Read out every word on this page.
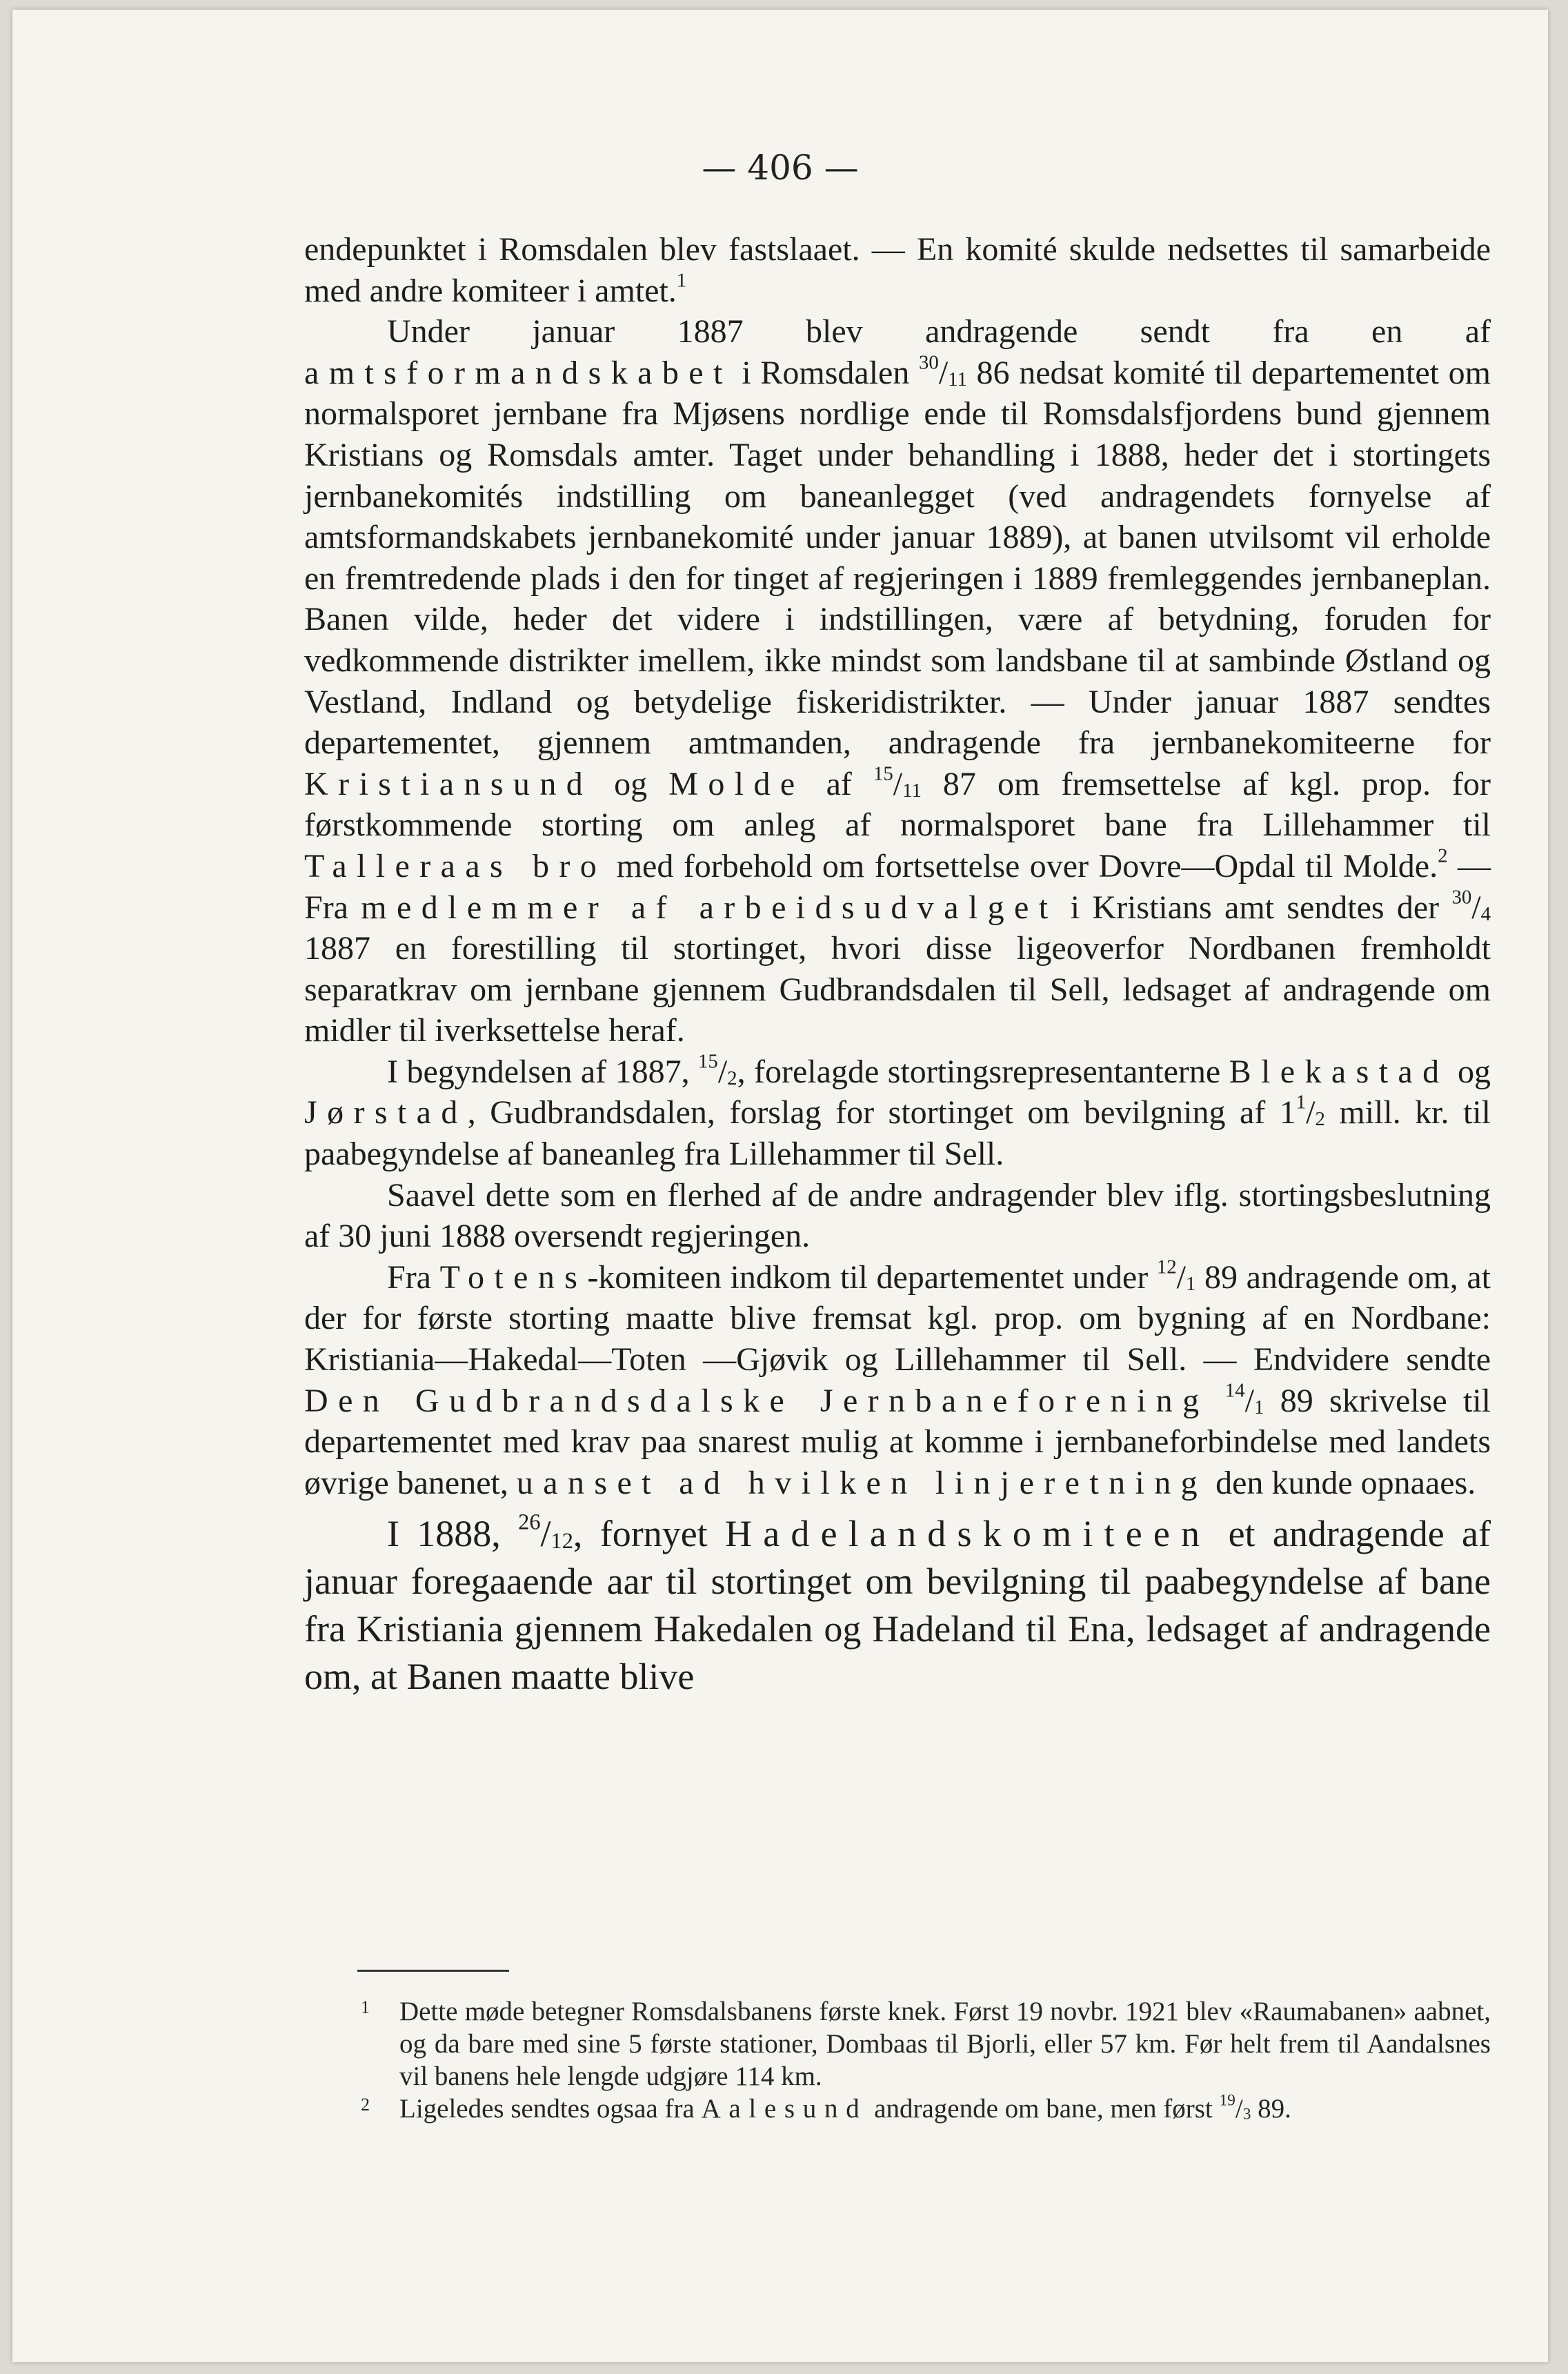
— 406 —

endepunktet i Romsdalen blev fastslaaet. — En komité skulde nedsettes til samarbeide med andre komiteer i amtet.$^1$

Under januar 1887 blev andragende sendt fra en af amtsformandskabet i Romsdalen $^{30}/_{11}$ 86 nedsat komité til departementet om normalsporet jernbane fra Mjøsens nordlige ende til Romsdalsfjordens bund gjennem Kristians og Romsdals amter. Taget under behandling i 1888, heder det i stortingets jernbanekomités indstilling om baneanlegget (ved andragendets fornyelse af amtsformandskabets jernbanekomité under januar 1889), at banen utvilsomt vil erholde en fremtredende plads i den for tinget af regjeringen i 1889 fremleggendes jernbaneplan. Banen vilde, heder det videre i indstillingen, være af betydning, foruden for vedkommende distrikter imellem, ikke mindst som landsbane til at sambinde Østland og Vestland, Indland og betydelige fiskeridistrikter. — Under januar 1887 sendtes departementet, gjennem amtmanden, andragende fra jernbanekomiteerne for Kristiansund og Molde af $^{15}/_{11}$ 87 om fremsettelse af kgl. prop. for førstkommende storting om anleg af normalsporet bane fra Lillehammer til Talleraas bro med forbehold om fortsettelse over Dovre—Opdal til Molde.$^2$ — Fra medlemmer af arbeidsudvalget i Kristians amt sendtes der $^{30}/_4$ 1887 en forestilling til stortinget, hvori disse ligeoverfor Nordbanen fremholdt separatkrav om jernbane gjennem Gudbrandsdalen til Sell, ledsaget af andragende om midler til iverksettelse heraf.

I begyndelsen af 1887, $^{15}/_2$, forelagde stortingsrepresentanterne Blekastad og Jørstad, Gudbrandsdalen, forslag for stortinget om bevilgning af $1^1/_2$ mill. kr. til paabegyndelse af baneanleg fra Lillehammer til Sell.

Saavel dette som en flerhed af de andre andragender blev iflg. stortingsbeslutning af 30 juni 1888 oversendt regjeringen.

Fra Totens-komiteen indkom til departementet under $^{12}/_1$ 89 andragende om, at der for første storting maatte blive fremsat kgl. prop. om bygning af en Nordbane: Kristiania—Hakedal—Toten —Gjøvik og Lillehammer til Sell. — Endvidere sendte Den Gudbrandsdalske Jernbaneforening $^{14}/_1$ 89 skrivelse til departementet med krav paa snarest mulig at komme i jernbaneforbindelse med landets øvrige banenet, uanset ad hvilken linjeretning den kunde opnaaes.

I 1888, $^{26}/_{12}$, fornyet Hadelandskomiteen et andragende af januar foregaaende aar til stortinget om bevilgning til paabegyndelse af bane fra Kristiania gjennem Hakedalen og Hadeland til Ena, ledsaget af andragende om, at Banen maatte blive

1 Dette møde betegner Romsdalsbanens første knek. Først 19 novbr. 1921 blev «Raumabanen» aabnet, og da bare med sine 5 første stationer, Dombaas til Bjorli, eller 57 km. Før helt frem til Aandalsnes vil banens hele lengde udgjøre 114 km.
2 Ligeledes sendtes ogsaa fra Aalesund andragende om bane, men først $^{19}/_3$ 89.
